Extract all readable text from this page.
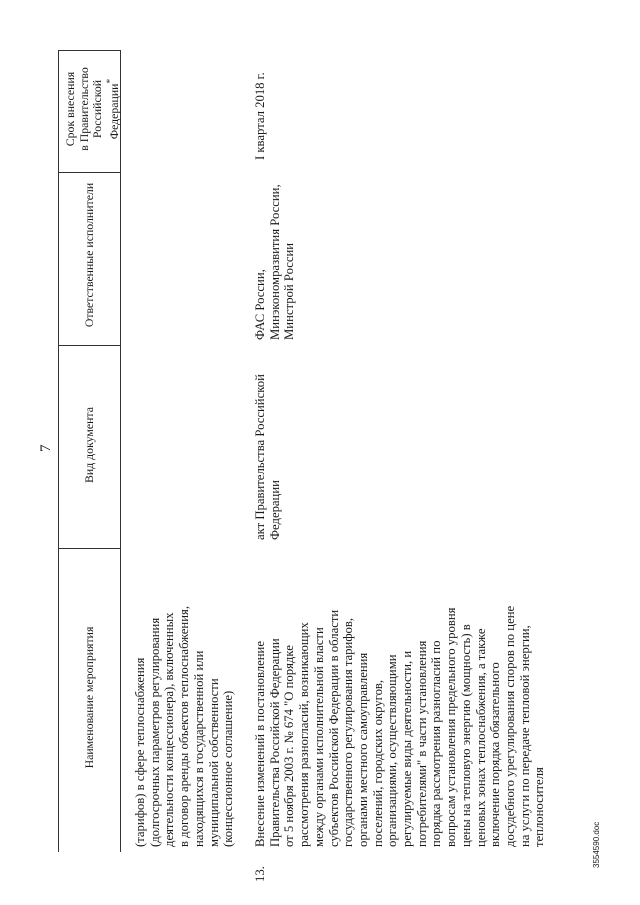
7
Срок внесения в Правительство Российской Федерации*
Ответственные исполнители
Вид документа
Наименование мероприятия	(тарифов) в сфере теплоснабжения (долгосрочных параметров регулирования деятельности концессионера), включенных в договор аренды объектов теплоснабжения, находящихся в государственной или муниципальной собственности (концессионное соглашение)
13.
Внесение изменений в постановление Правительства Российской Федерации от 5 ноября 2003 г. № 674 "О порядке рассмотрения разногласий, возникающих между органами исполнительной власти субъектов Российской Федерации в области государственного регулирования тарифов, органами местного самоуправления поселений, городских округов, организациями, осуществляющими регулируемые виды деятельности, и потребителями" в части установления порядка рассмотрения разногласий по вопросам установления предельного уровня цены на тепловую энергию (мощность) в ценовых зонах теплоснабжения, а также включение порядка обязательного досудебного урегулирования споров по цене на услуги по передаче тепловой энергии, теплоносителя
акт Правительства Российской Федерации
ФАС России, Минэкономразвития России, Минстрой России
I квартал 2018 г.
3554590.doc
